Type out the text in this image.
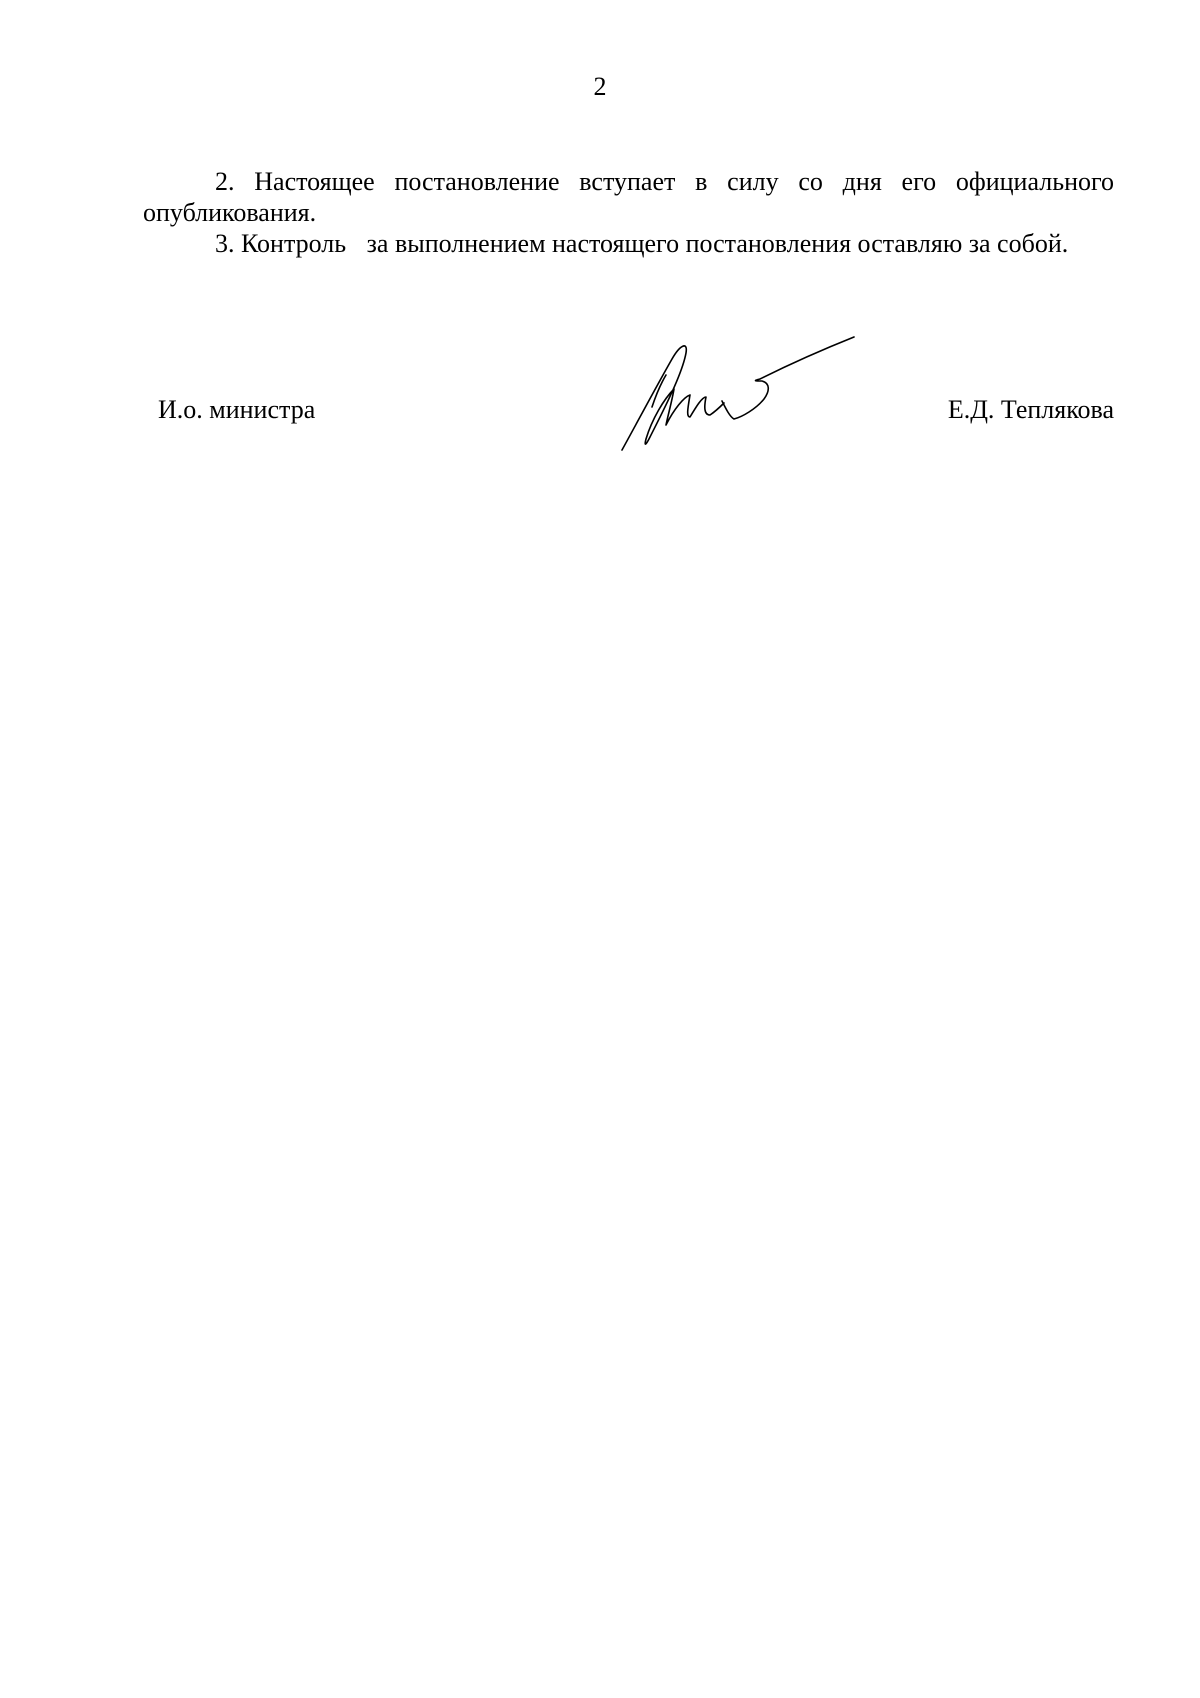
2

2. Настоящее постановление вступает в силу со дня его официального опубликования.

3. Контроль за выполнением настоящего постановления оставляю за собой.

И.о. министра	Е.Д. Теплякова
